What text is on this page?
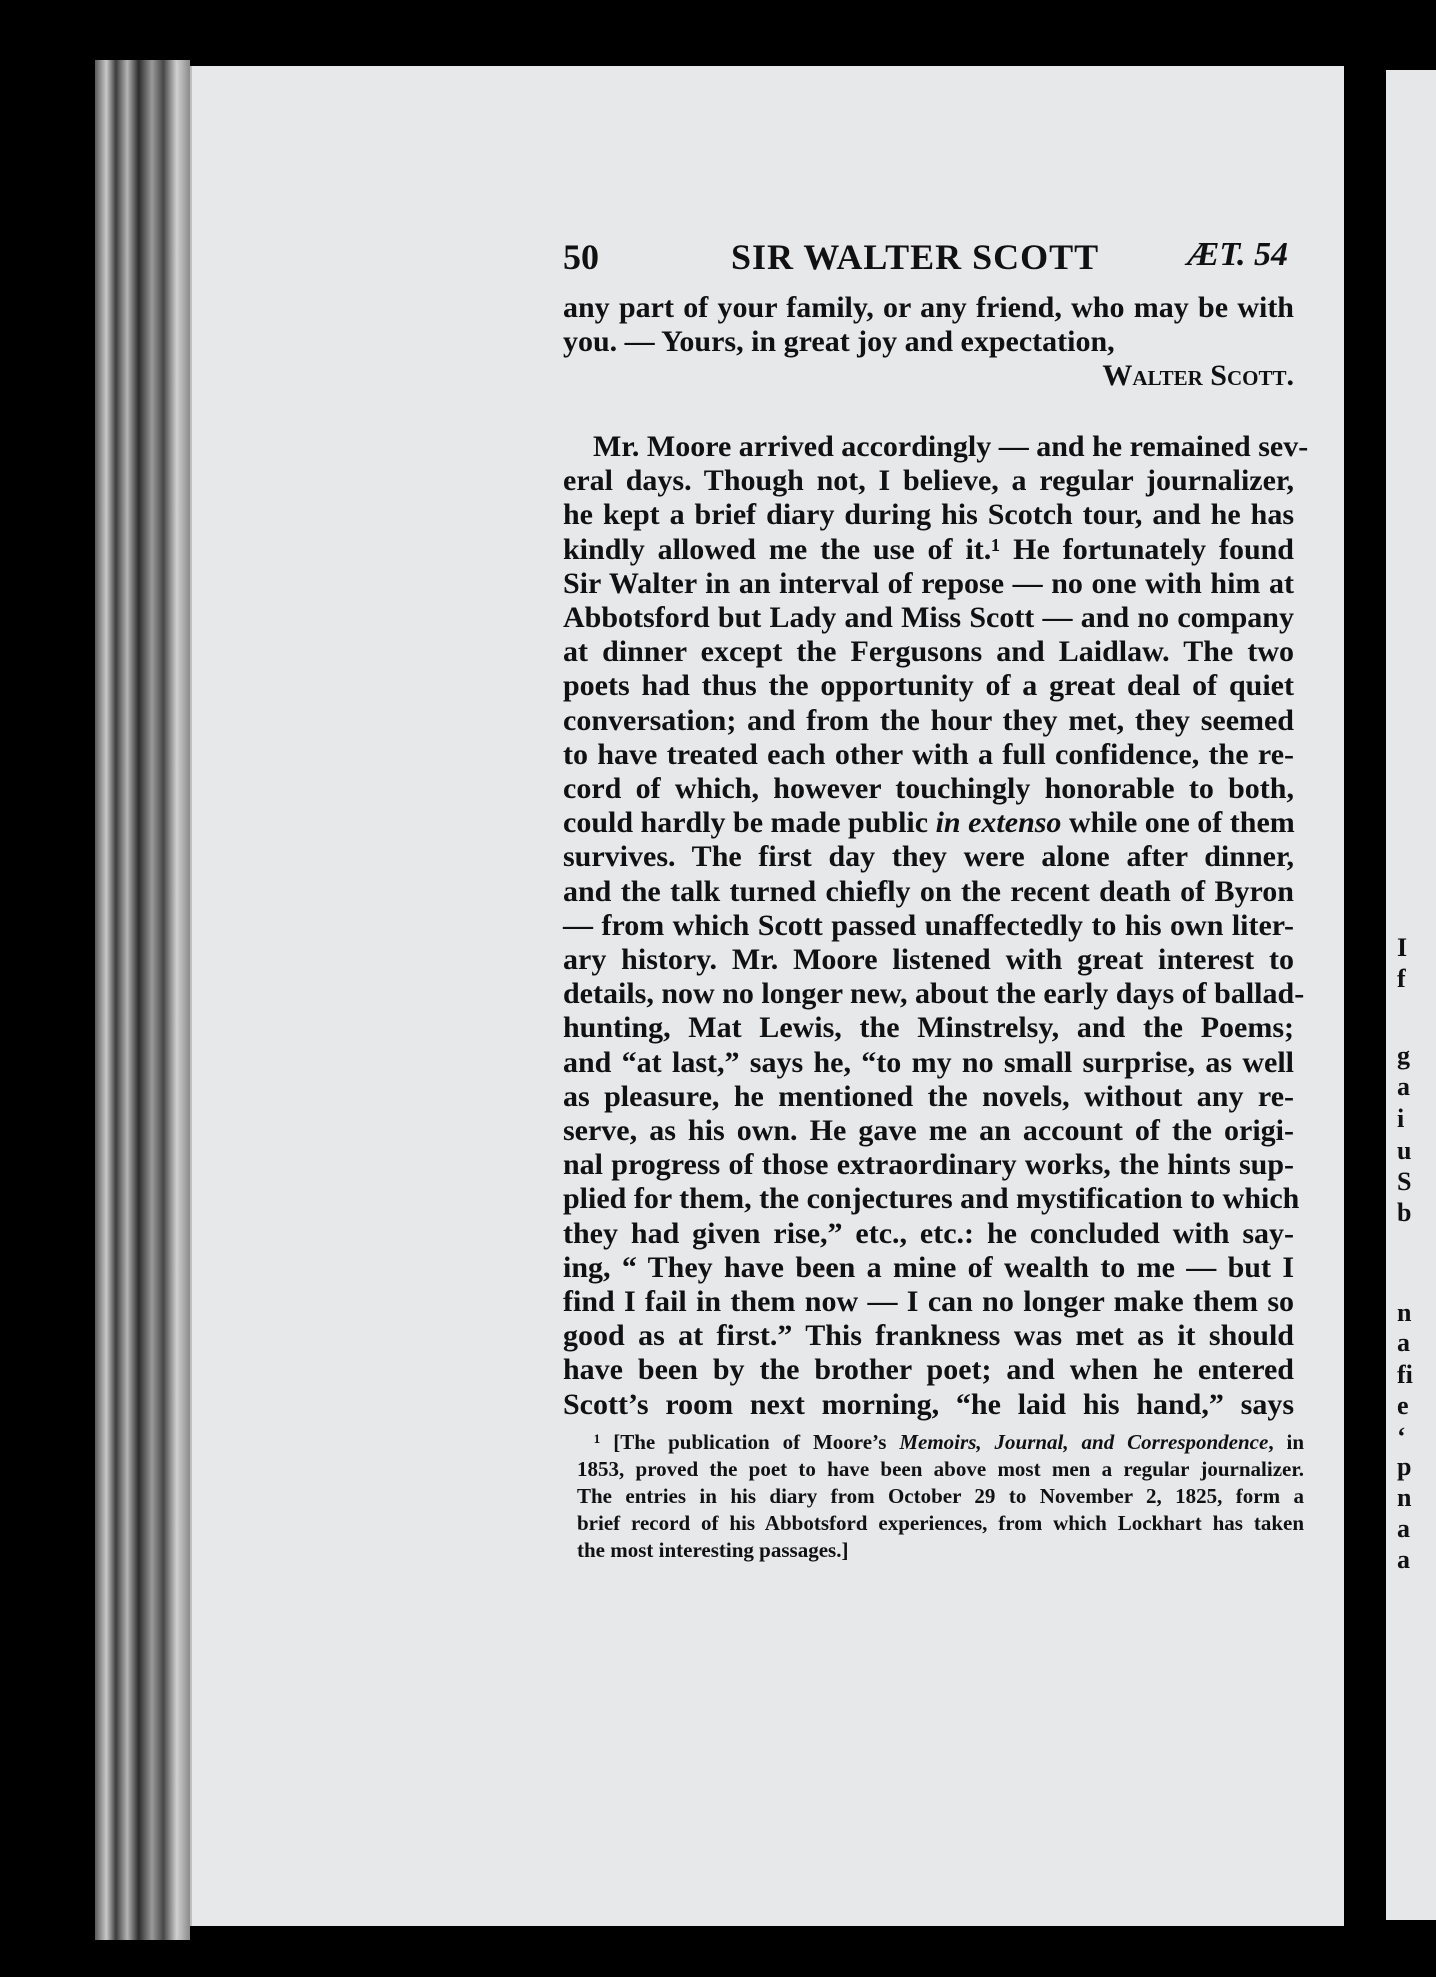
50	SIR WALTER SCOTT	ÆT. 54
any part of your family, or any friend, who may be with
you. — Yours, in great joy and expectation,
Walter Scott.
Mr. Moore arrived accordingly — and he remained sev-
eral days. Though not, I believe, a regular journalizer,
he kept a brief diary during his Scotch tour, and he has
kindly allowed me the use of it.¹ He fortunately found
Sir Walter in an interval of repose — no one with him at
Abbotsford but Lady and Miss Scott — and no company
at dinner except the Fergusons and Laidlaw. The two
poets had thus the opportunity of a great deal of quiet
conversation; and from the hour they met, they seemed
to have treated each other with a full confidence, the re-
cord of which, however touchingly honorable to both,
could hardly be made public in extenso while one of them
survives. The first day they were alone after dinner,
and the talk turned chiefly on the recent death of Byron
— from which Scott passed unaffectedly to his own liter-
ary history. Mr. Moore listened with great interest to
details, now no longer new, about the early days of ballad-
hunting, Mat Lewis, the Minstrelsy, and the Poems;
and “at last,” says he, “to my no small surprise, as well
as pleasure, he mentioned the novels, without any re-
serve, as his own. He gave me an account of the origi-
nal progress of those extraordinary works, the hints sup-
plied for them, the conjectures and mystification to which
they had given rise,” etc., etc.: he concluded with say-
ing, “ They have been a mine of wealth to me — but I
find I fail in them now — I can no longer make them so
good as at first.” This frankness was met as it should
have been by the brother poet; and when he entered
Scott’s room next morning, “he laid his hand,” says
¹ [The publication of Moore’s Memoirs, Journal, and Correspondence, in
1853, proved the poet to have been above most men a regular journalizer.
The entries in his diary from October 29 to November 2, 1825, form a
brief record of his Abbotsford experiences, from which Lockhart has taken
the most interesting passages.]
I
f
g
a
i
u
S
b
n
a
fi
e
‘
p
n
a
a
